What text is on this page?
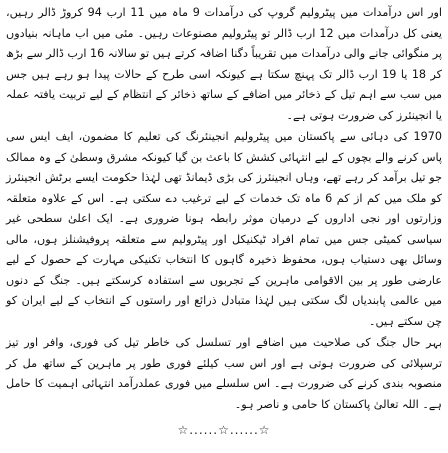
اور اس درآمدات میں پیٹرولیم گروپ کی درآمدات 9 ماہ میں 11 ارب 94 کروڑ ڈالر رہیں، یعنی کل درآمدات میں 12 ارب ڈالر تو پیٹرولیم مصنوعات رہیں۔ مئی میں اب ماہانہ بنیادوں پر منگوائی جانے والی درآمدات میں تقریباً دگنا اضافہ کرتے ہیں تو سالانہ 16 ارب ڈالر سے بڑھ کر 18 یا 19 ارب ڈالر تک پہنچ سکتا ہے کیونکہ اسی طرح کے حالات پیدا ہو رہے ہیں جس میں سب سے اہم تیل کے ذخائر میں اضافے کے ساتھ ذخائر کے انتظام کے لیے تربیت یافتہ عملہ یا انجینئرز کی ضرورت ہوتی ہے۔

1970 کی دہائی سے پاکستان میں پیٹرولیم انجینئرنگ کی تعلیم کا مضمون، ایف ایس سی پاس کرنے والے بچوں کے لیے انتہائی کشش کا باعث بن گیا کیونکہ مشرق وسطیٰ کے وہ ممالک جو تیل برآمد کر رہے تھے، وہاں انجینئرز کی بڑی ڈیمانڈ تھی لہٰذا حکومت ایسے برٹش انجینئرز کو ملک میں کم از کم 6 ماہ تک خدمات کے لیے ترغیب دے سکتی ہے۔ اس کے علاوہ متعلقہ وزارتوں اور نجی اداروں کے درمیان موثر رابطہ ہونا ضروری ہے۔ ایک اعلیٰ سطحی غیر سیاسی کمیٹی جس میں تمام افراد ٹیکنیکل اور پیٹرولیم سے متعلقہ پروفیشنلز ہوں، مالی وسائل بھی دستیاب ہوں، محفوظ ذخیرہ گاہوں کا انتخاب تکنیکی مہارت کے حصول کے لیے عارضی طور پر بین الاقوامی ماہرین کے تجربوں سے استفادہ کرسکتے ہیں۔ جنگ کے دنوں میں عالمی پابندیاں لگ سکتی ہیں لہٰذا متبادل ذرائع اور راستوں کے انتخاب کے لیے ایران کو چن سکتے ہیں۔

بہر حال جنگ کی صلاحیت میں اضافے اور تسلسل کی خاطر تیل کی فوری، وافر اور تیز ترسپلائی کی ضرورت ہوتی ہے اور اس سب کیلئے فوری طور پر ماہرین کے ساتھ مل کر منصوبہ بندی کرنے کی ضرورت ہے۔ اس سلسلے میں فوری عملدرآمد انتہائی اہمیت کا حامل ہے۔ اللہ تعالیٰ پاکستان کا حامی و ناصر ہو۔

☆......☆......☆
